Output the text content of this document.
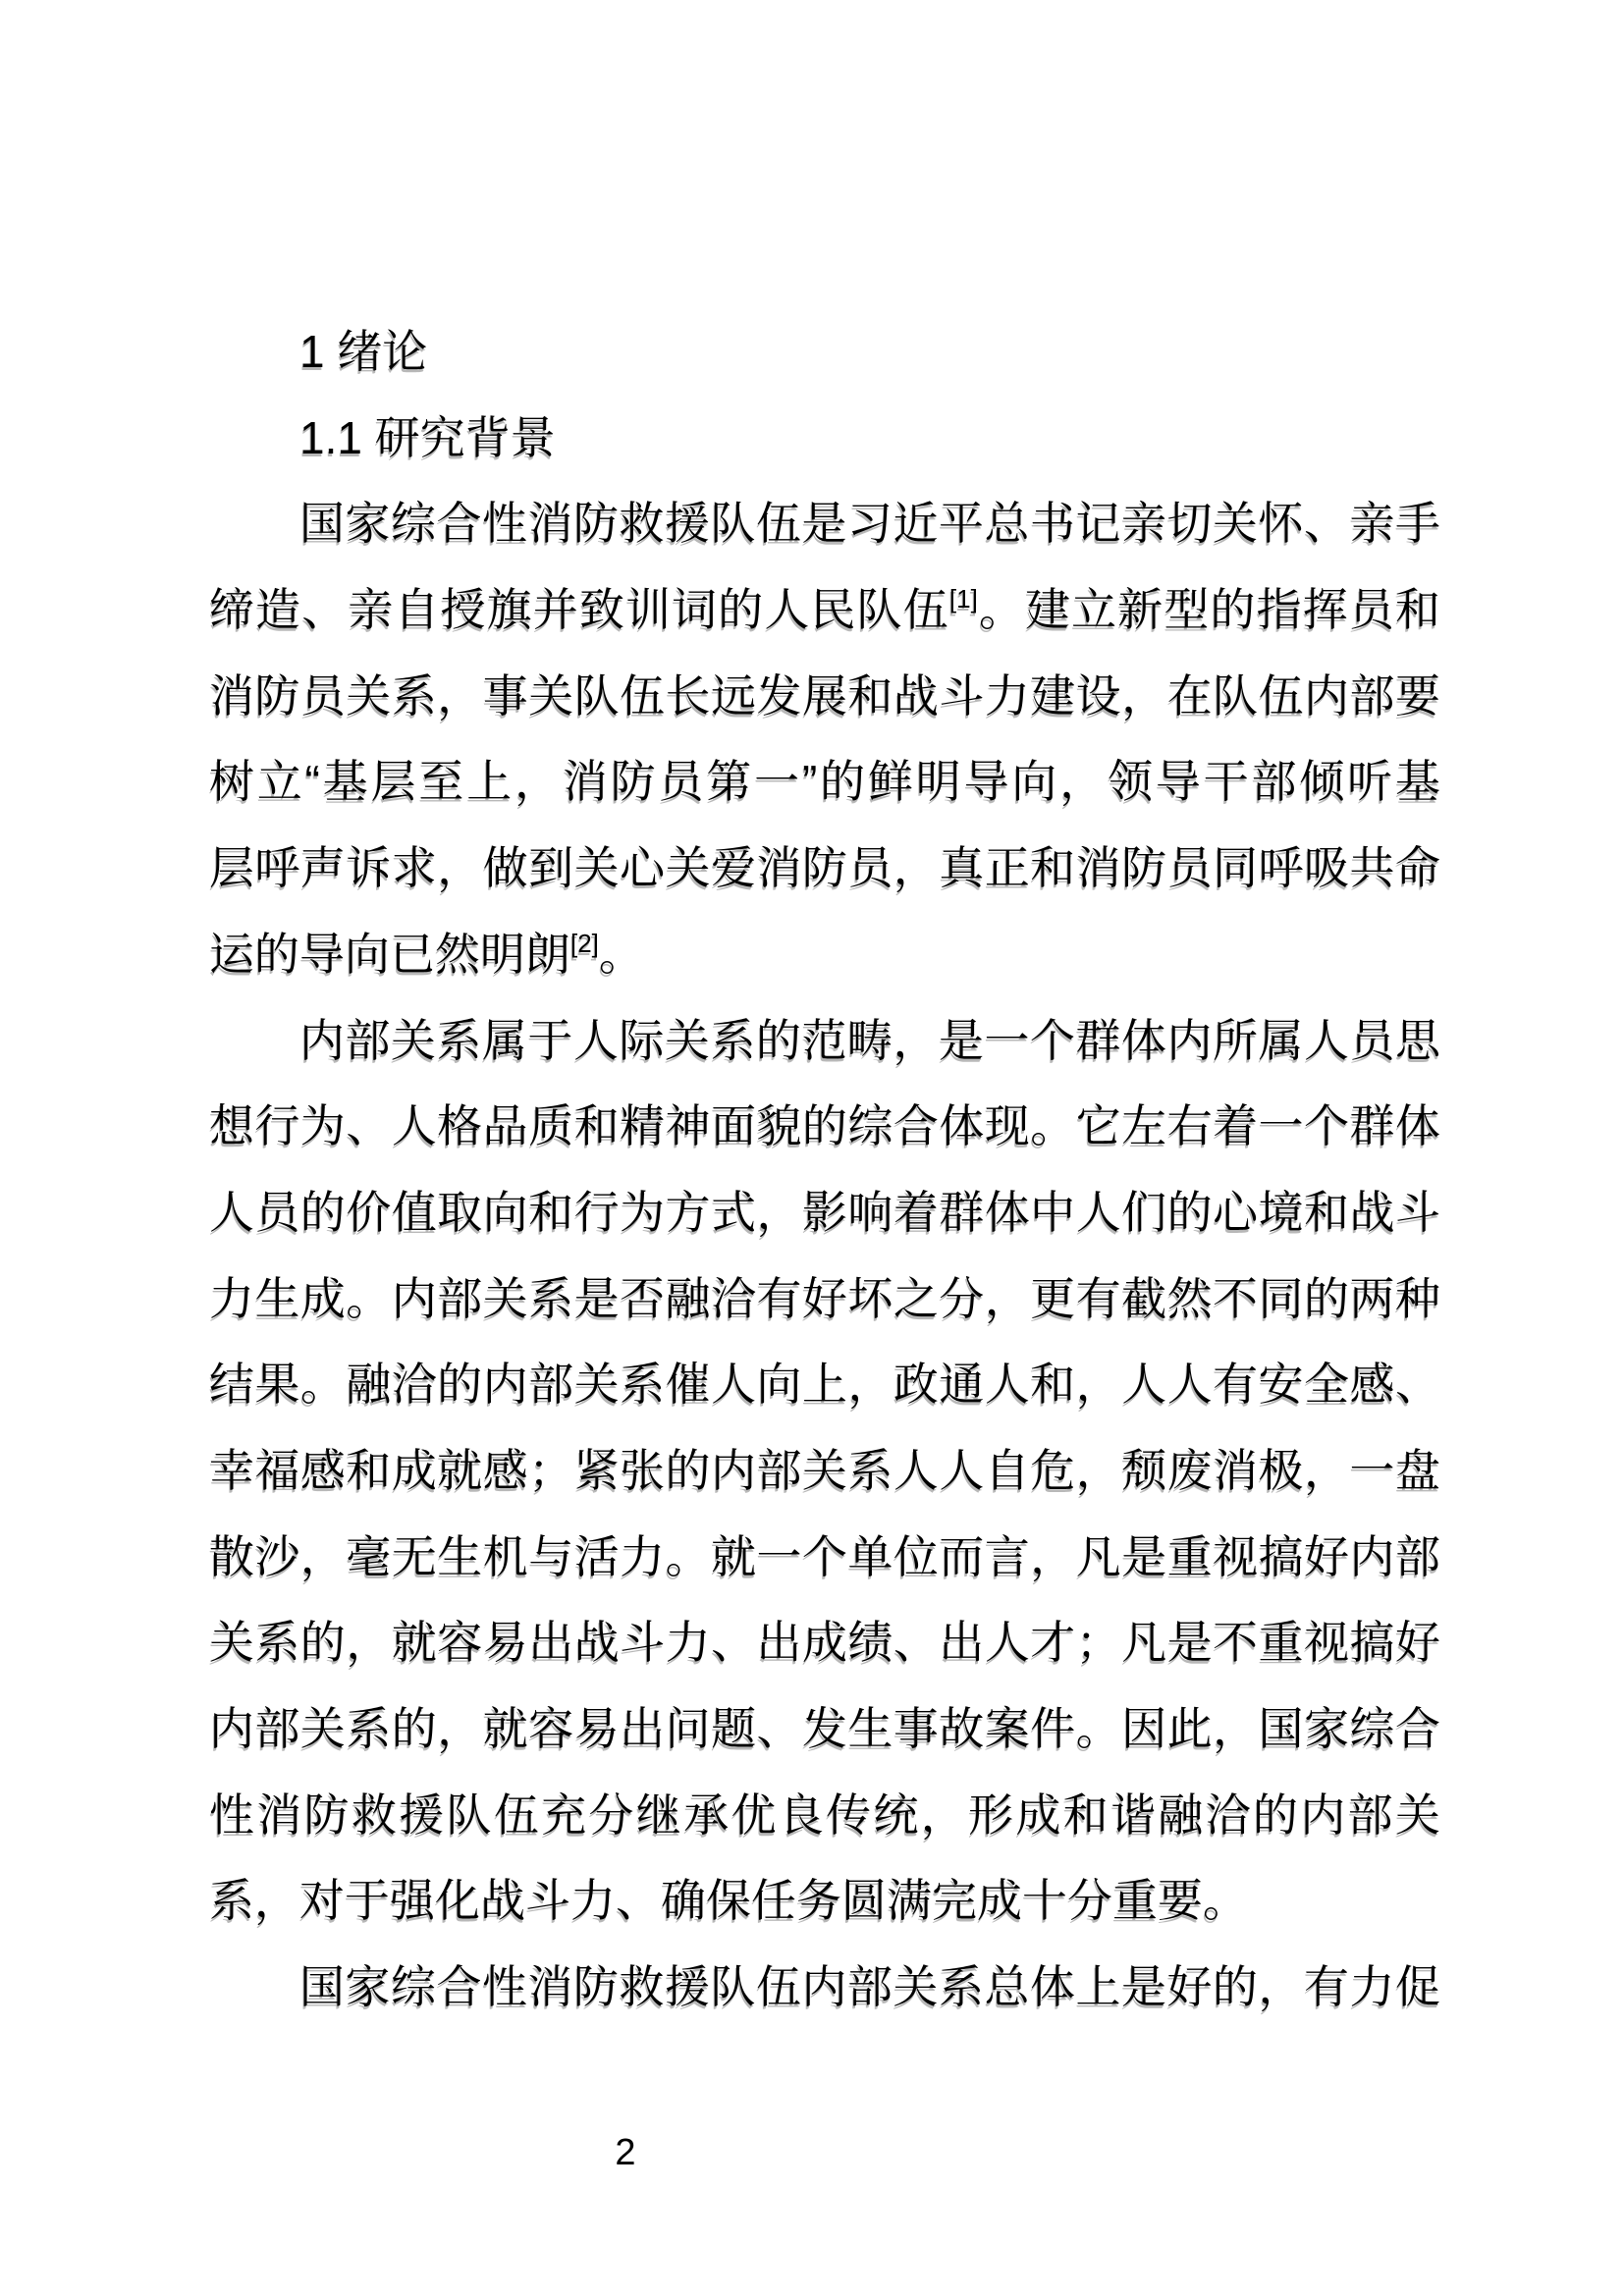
1 绪论
1.1 研究背景
国家综合性消防救援队伍是习近平总书记亲切关怀、亲手
缔造、亲自授旗并致训词的人民队伍[1]。建立新型的指挥员和
消防员关系，事关队伍长远发展和战斗力建设，在队伍内部要
树立“基层至上，消防员第一”的鲜明导向，领导干部倾听基
层呼声诉求，做到关心关爱消防员，真正和消防员同呼吸共命
运的导向已然明朗[2]。
内部关系属于人际关系的范畴，是一个群体内所属人员思
想行为、人格品质和精神面貌的综合体现。它左右着一个群体
人员的价值取向和行为方式，影响着群体中人们的心境和战斗
力生成。内部关系是否融洽有好坏之分，更有截然不同的两种
结果。融洽的内部关系催人向上，政通人和，人人有安全感、
幸福感和成就感；紧张的内部关系人人自危，颓废消极，一盘
散沙，毫无生机与活力。就一个单位而言，凡是重视搞好内部
关系的，就容易出战斗力、出成绩、出人才；凡是不重视搞好
内部关系的，就容易出问题、发生事故案件。因此，国家综合
性消防救援队伍充分继承优良传统，形成和谐融洽的内部关
系，对于强化战斗力、确保任务圆满完成十分重要。
国家综合性消防救援队伍内部关系总体上是好的，有力促
2
